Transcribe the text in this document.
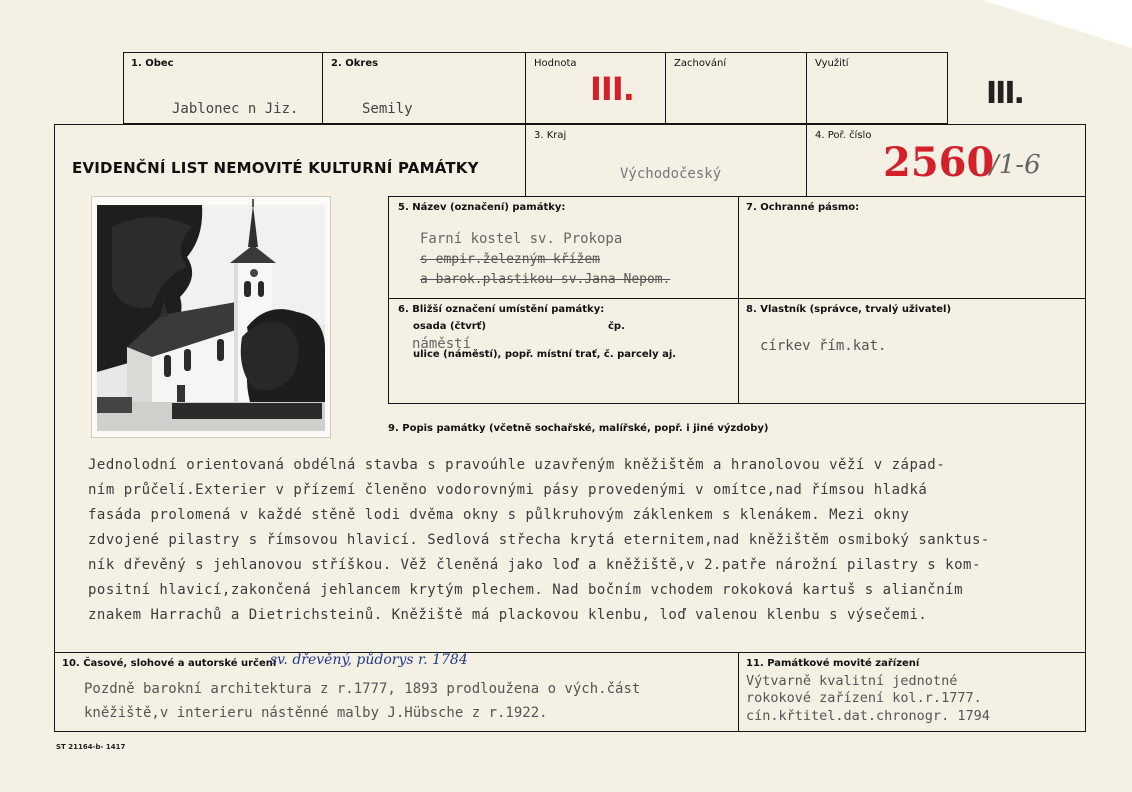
1. Obec
Jablonec n Jiz.
2. Okres
Semily
Hodnota
III.
Zachování	Využití
III.
EVIDENČNÍ LIST NEMOVITÉ KULTURNÍ PAMÁTKY
3. Kraj
Východočeský
4. Poř. číslo
2560
/1-6
5. Název (označení) památky:
Farní kostel sv. Prokopa
s empir.železným křížem
a barok.plastikou sv.Jana Nepom.
7. Ochranné pásmo:
6. Bližší označení umístění památky:
osada (čtvrť)	čp.
náměstí
ulice (náměstí), popř. místní trať, č. parcely aj.
8. Vlastník (správce, trvalý uživatel)
církev řím.kat.
9. Popis památky (včetně sochařské, malířské, popř. i jiné výzdoby)
Jednolodní orientovaná obdélná stavba s pravoúhle uzavřeným kněžištěm a hranolovou věží v západ-
ním průčelí.Exterier v přízemí členěno vodorovnými pásy provedenými v omítce,nad římsou hladká
fasáda prolomená v každé stěně lodi dvěma okny s půlkruhovým záklenkem s klenákem. Mezi okny
zdvojené pilastry s římsovou hlavicí. Sedlová střecha krytá eternitem,nad kněžištěm osmiboký sanktus-
ník dřevěný s jehlanovou stříškou. Věž členěná jako loď a kněžiště,v 2.patře nárožní pilastry s kom-
positní hlavicí,zakončená jehlancem krytým plechem. Nad bočním vchodem rokoková kartuš s aliančním
znakem Harrachů a Dietrichsteinů. Kněžiště má plackovou klenbu, loď valenou klenbu s výsečemi.
10. Časové, slohové a autorské určení
sv. dřevěný, půdorys r. 1784
Pozdně barokní architektura z r.1777, 1893 prodloužena o vých.část
kněžiště,v interieru nástěnné malby J.Hübsche z r.1922.
11. Památkové movité zařízení
Výtvarně kvalitní jednotné
rokokové zařízení kol.r.1777.
cín.křtitel.dat.chronogr. 1794
ST 21164-b- 1417
